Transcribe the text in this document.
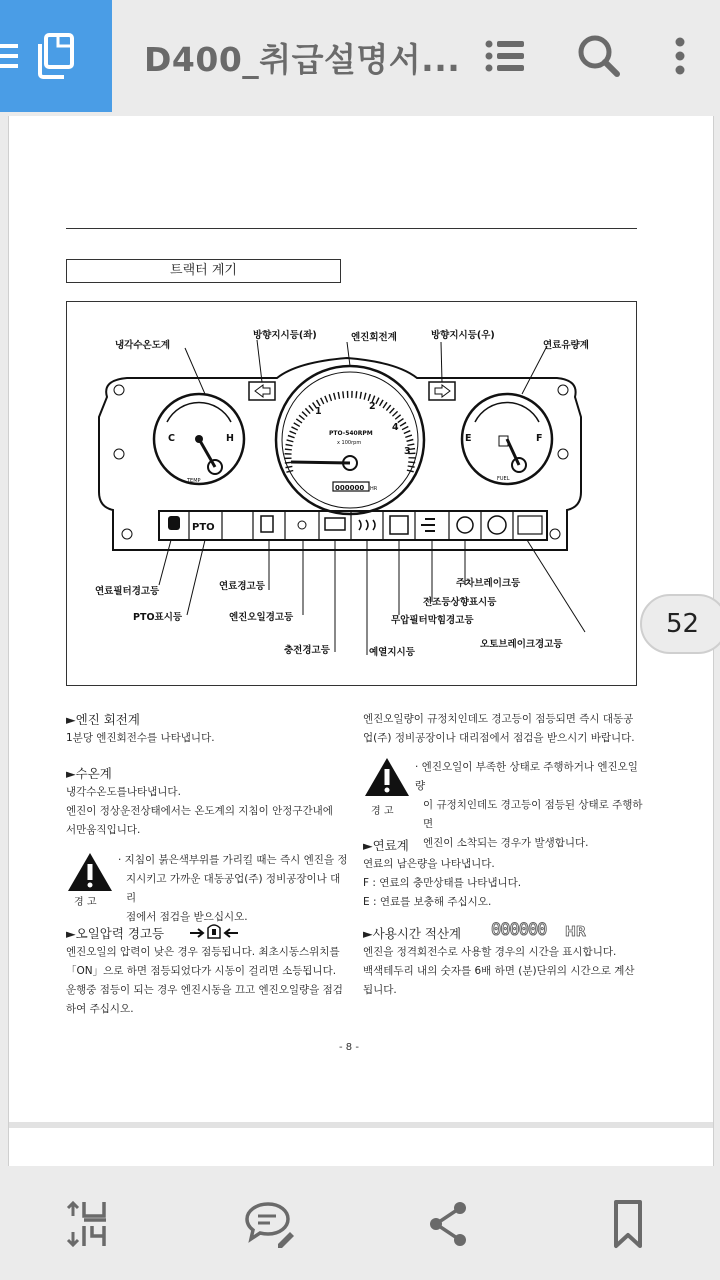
D400_취급설명서...
트랙터 계기
C	H
TEMP
E	F
FUEL
1	2
3
4
PTO-540RPM
x 100rpm
000000 HR
PTO
냉각수온도계
방향지시등(좌)	엔진회전계	방향지시등(우)
연료유량계
연료필터경고등
PTO표시등
연료경고등
엔진오일경고등
충전경고등	예열지시등
무압필터막힘경고등
전조등상향표시등
주차브레이크등
오토브레이크경고등

►엔진 회전계

1분당 엔진회전수를 나타냅니다.

►수온계

냉각수온도를나타냅니다.

엔진이 정상운전상태에서는 온도계의 지침이 안정구간내에

서만움직입니다.

경 고

· 지침이 붉은색부위를 가리킬 때는 즉시 엔진을 정

지시키고 가까운 대동공업(주) 정비공장이나 대리

점에서 점검을 받으십시오.

►오일압력 경고등

엔진오일의 압력이 낮은 경우 점등됩니다. 최초시동스위치를

「ON」으로 하면 점등되었다가 시동이 걸리면 소등됩니다.

운행중 점등이 되는 경우 엔진시동을 끄고 엔진오일량을 점검

하여 주십시오.

엔진오일량이 규정치인데도 경고등이 점등되면 즉시 대동공

업(주) 정비공장이나 대리점에서 점검을 받으시기 바랍니다.

경 고

· 엔진오일이 부족한 상태로 주행하거나 엔진오일량

이 규정치인데도 경고등이 점등된 상태로 주행하면

엔진이 소착되는 경우가 발생합니다.

►연료계

연료의 남은량을 나타냅니다.

F : 연료의 충만상태를 나타냅니다.

E : 연료를 보충해 주십시오.

►사용시간 적산계 000000 HR

엔진을 정격회전수로 사용할 경우의 시간을 표시합니다.

백색테두리 내의 숫자를 6배 하면 (분)단위의 시간으로 계산

됩니다.

- 8 -
52
